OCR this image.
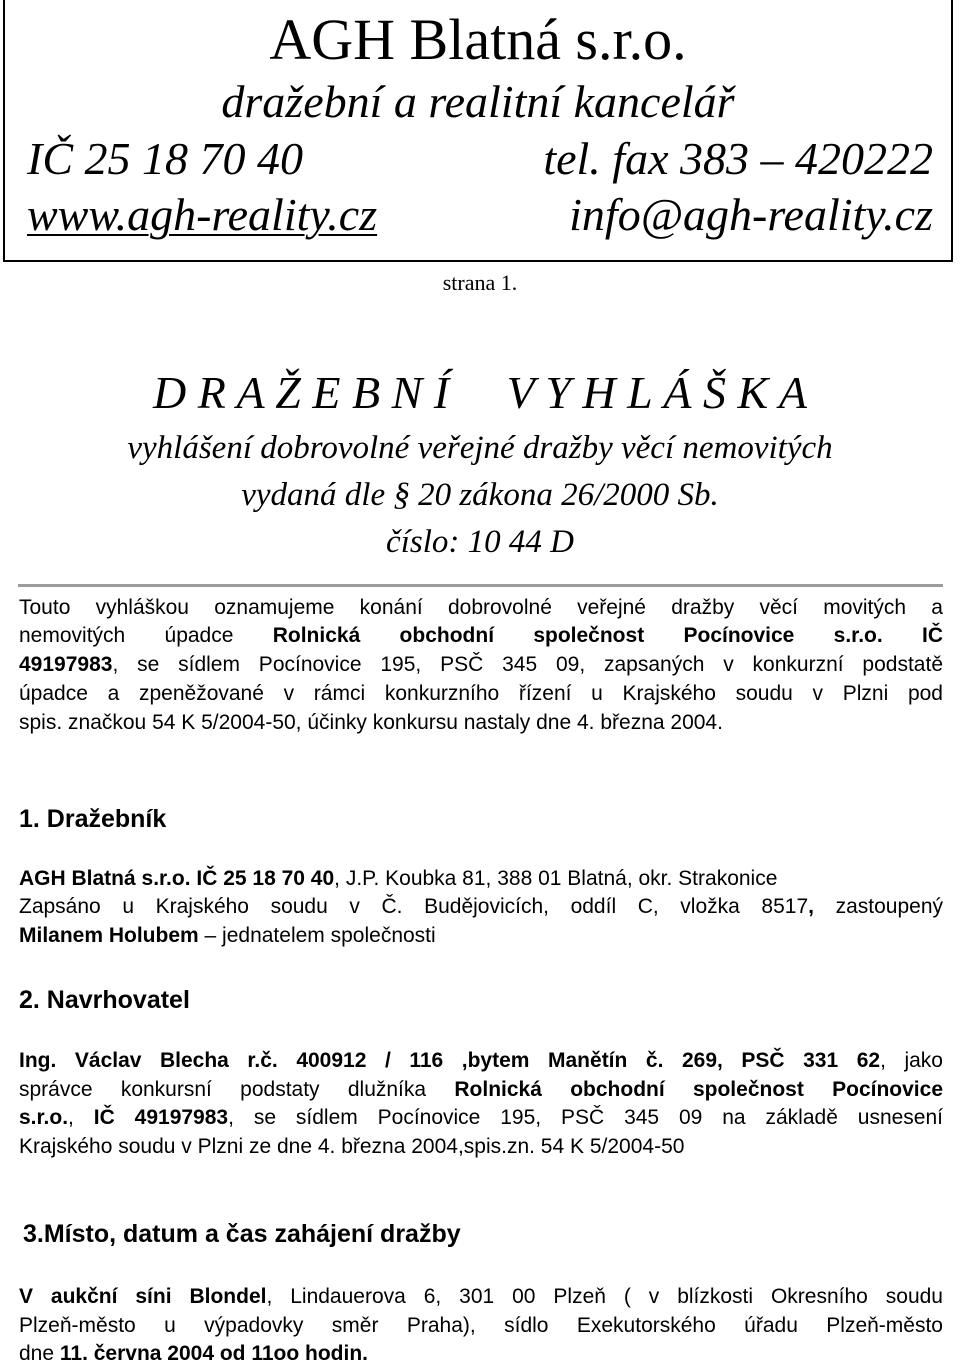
AGH Blatná s.r.o.
dražební a realitní kancelář
IČ 25 18 70 40	tel. fax 383 – 420222
www.agh-reality.cz	info@agh-reality.cz
strana 1.
D R A Ž E B N Í     V Y H L Á Š K A
vyhlášení dobrovolné veřejné dražby věcí nemovitých
vydaná dle § 20 zákona 26/2000 Sb.
číslo: 10 44 D
Touto vyhláškou oznamujeme konání dobrovolné veřejné dražby věcí movitých a
nemovitých úpadce Rolnická obchodní společnost Pocínovice s.r.o. IČ
49197983, se sídlem Pocínovice 195, PSČ 345 09, zapsaných v konkurzní podstatě
úpadce a zpeněžované v rámci konkurzního řízení u Krajského soudu v Plzni pod
spis. značkou 54 K 5/2004-50, účinky konkursu nastaly dne 4. března 2004.
1. Dražebník
AGH Blatná s.r.o. IČ 25 18 70 40, J.P. Koubka 81, 388 01 Blatná, okr. Strakonice
Zapsáno u Krajského soudu v Č. Budějovicích, oddíl C, vložka 8517, zastoupený
Milanem Holubem – jednatelem společnosti
2. Navrhovatel
Ing. Václav Blecha r.č. 400912 / 116 ,bytem Manětín č. 269, PSČ 331 62, jako
správce konkursní podstaty dlužníka Rolnická obchodní společnost Pocínovice
s.r.o., IČ 49197983, se sídlem Pocínovice 195, PSČ 345 09 na základě usnesení
Krajského soudu v Plzni ze dne 4. března 2004,spis.zn. 54 K 5/2004-50
3.Místo, datum a čas zahájení dražby
V aukční síni Blondel, Lindauerova 6, 301 00 Plzeň ( v blízkosti Okresního soudu
Plzeň-město u výpadovky směr Praha), sídlo Exekutorského úřadu Plzeň-město
dne 11. června 2004 od 11oo hodin.
